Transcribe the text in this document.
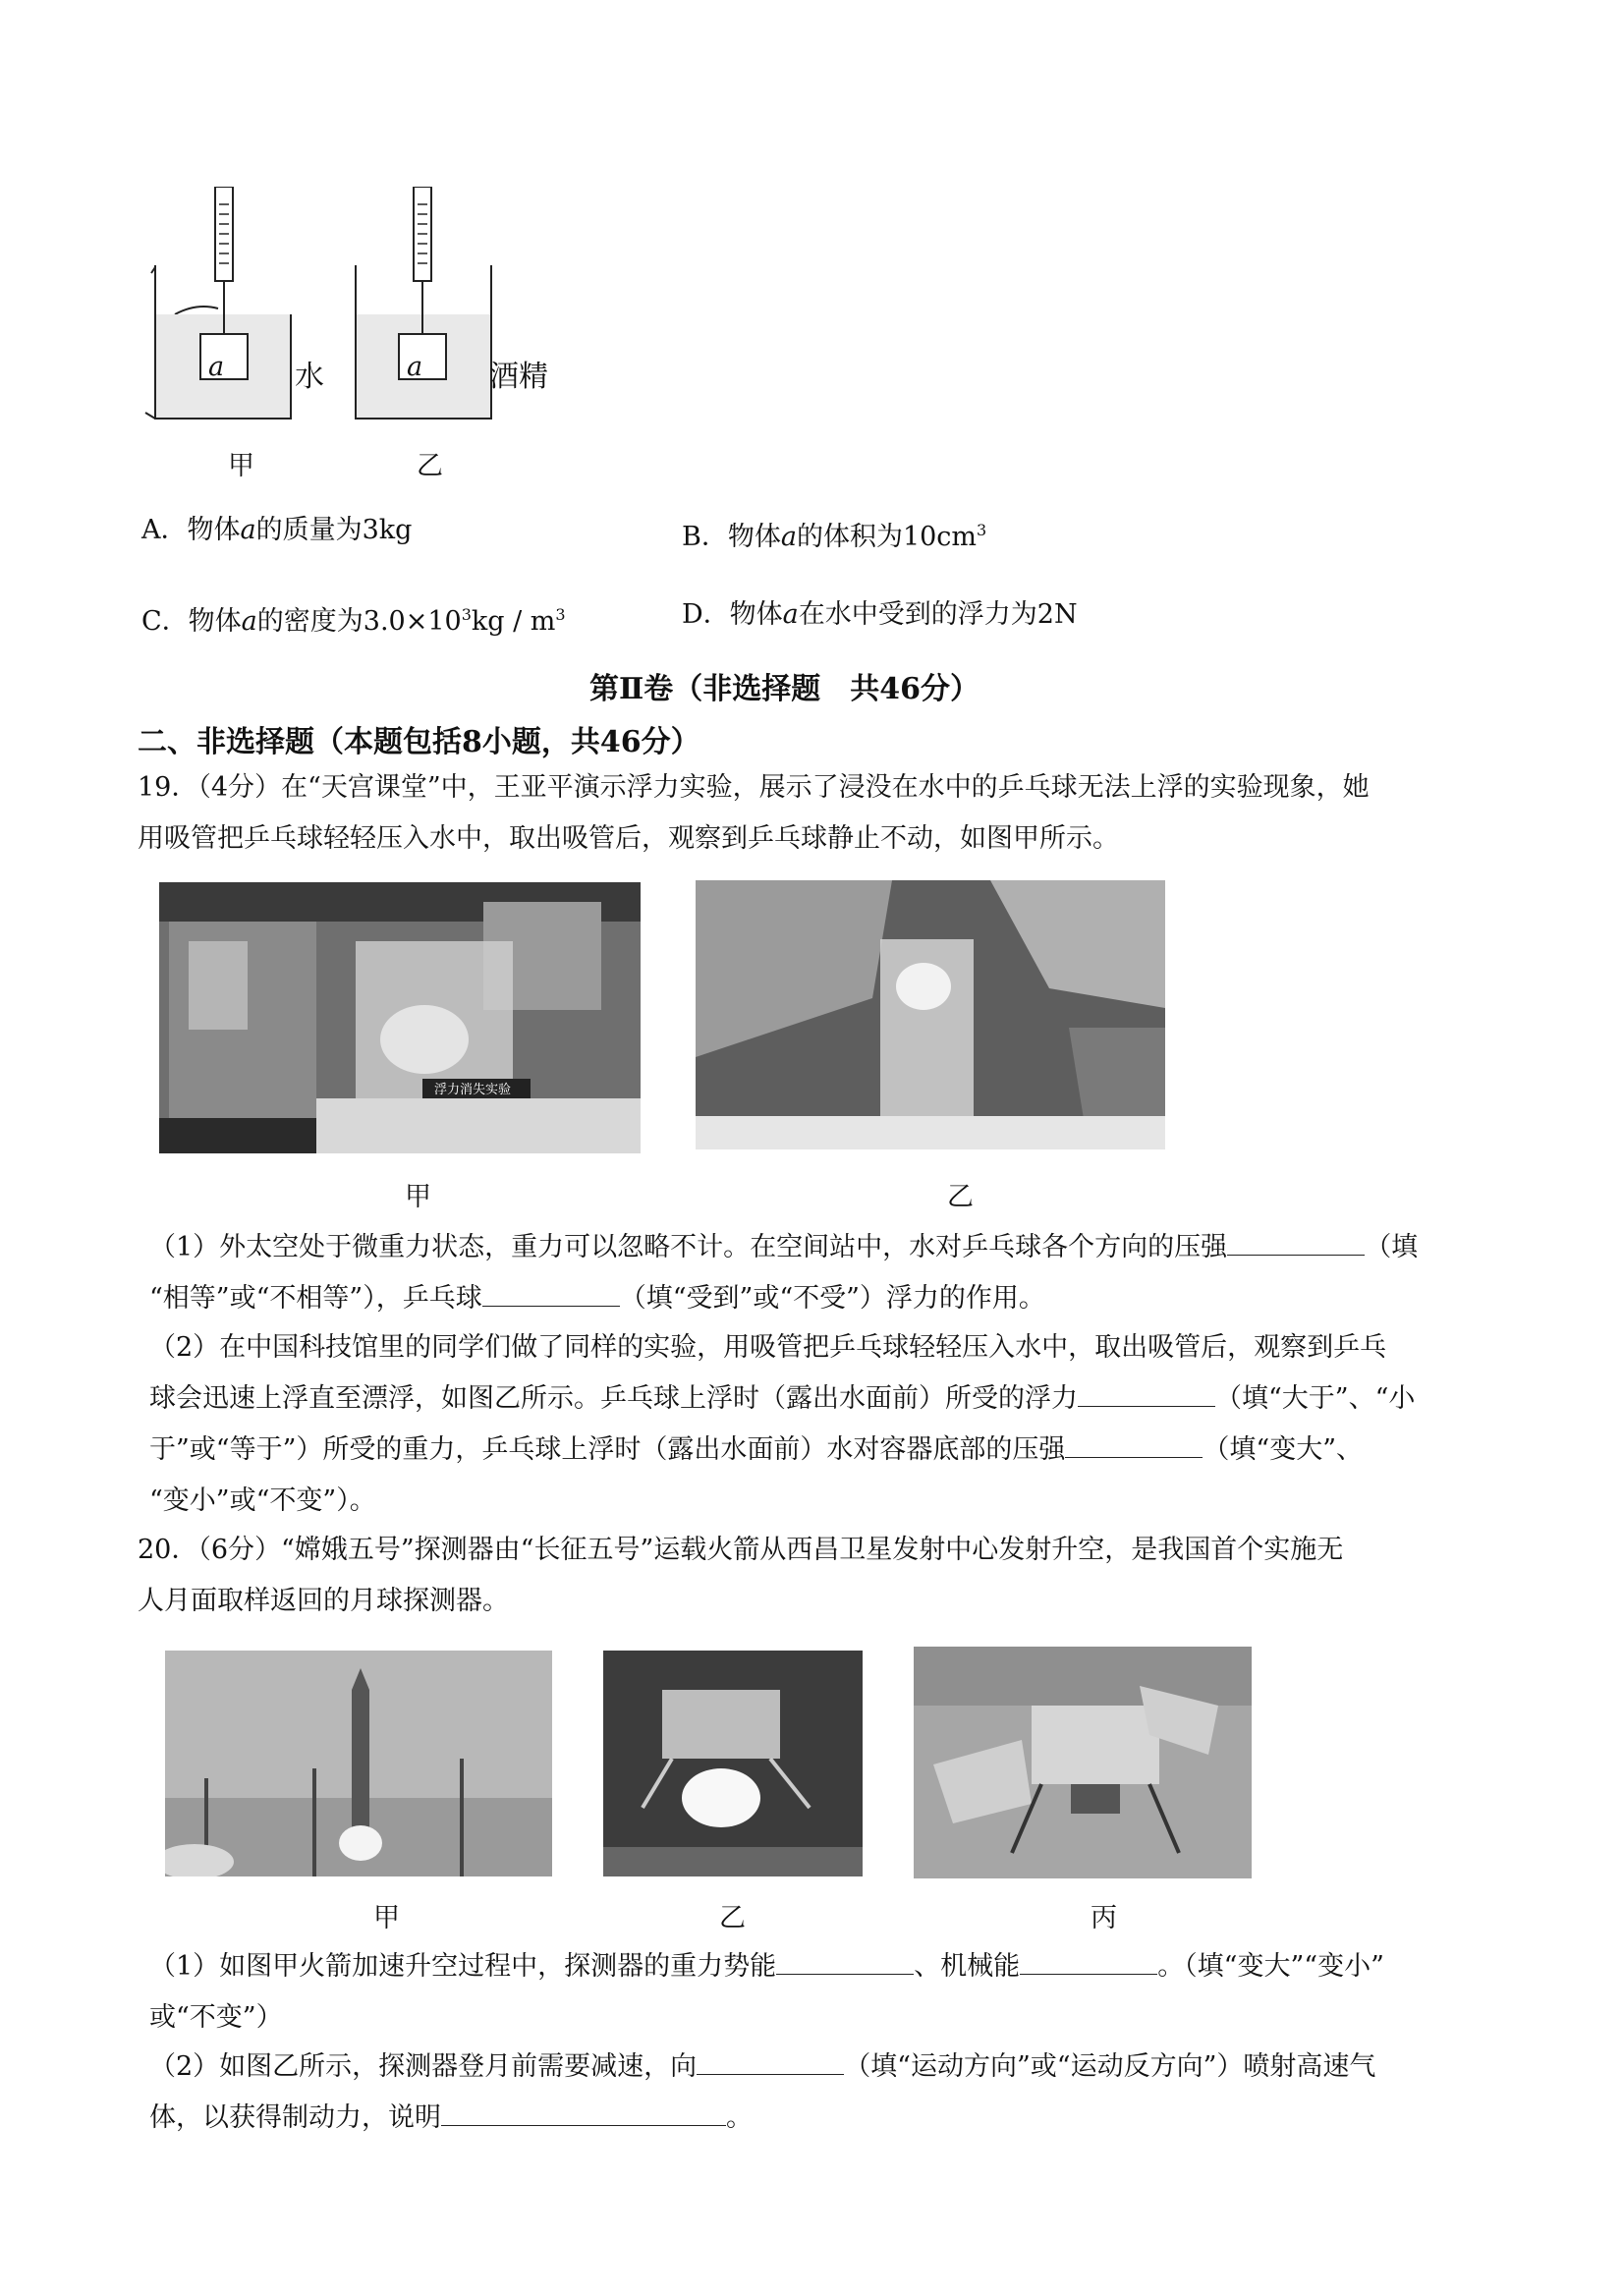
a	a
水	酒精
甲	乙
A．物体a的质量为3kg	B．物体a的体积为$10cm^3$
C．物体a的密度为$3.0\times 10^3kg / m^3$	D．物体a在水中受到的浮力为2N
第Ⅱ卷（非选择题　共46分）
二、非选择题（本题包括8小题，共46分）
19．（4分）在“天宫课堂”中，王亚平演示浮力实验，展示了浸没在水中的乒乓球无法上浮的实验现象，她
用吸管把乒乓球轻轻压入水中，取出吸管后，观察到乒乓球静止不动，如图甲所示。
浮力消失实验
甲	乙
（1）外太空处于微重力状态，重力可以忽略不计。在空间站中，水对乒乓球各个方向的压强	（填
“相等”或“不相等”），乒乓球	（填“受到”或“不受”）浮力的作用。
（2）在中国科技馆里的同学们做了同样的实验，用吸管把乒乓球轻轻压入水中，取出吸管后，观察到乒乓
球会迅速上浮直至漂浮，如图乙所示。乒乓球上浮时（露出水面前）所受的浮力	（填“大于”、“小
于”或“等于”）所受的重力，乒乓球上浮时（露出水面前）水对容器底部的压强	（填“变大”、
“变小”或“不变”）。
20．（6分）“嫦娥五号”探测器由“长征五号”运载火箭从西昌卫星发射中心发射升空，是我国首个实施无
人月面取样返回的月球探测器。
甲	乙	丙
（1）如图甲火箭加速升空过程中，探测器的重力势能	、机械能	。（填“变大”“变小”
或“不变”）
（2）如图乙所示，探测器登月前需要减速，向	（填“运动方向”或“运动反方向”）喷射高速气
体，以获得制动力，说明	。
